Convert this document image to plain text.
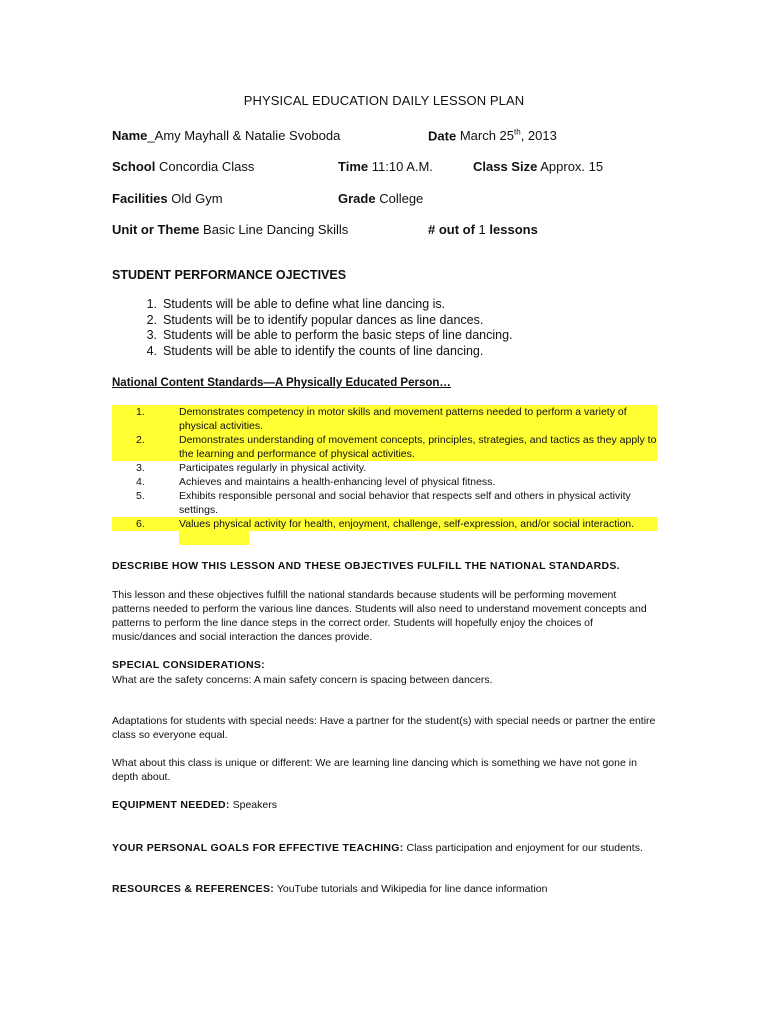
PHYSICAL EDUCATION DAILY LESSON PLAN
Name_Amy Mayhall & Natalie Svoboda	Date March 25th, 2013
School Concordia Class	Time 11:10 A.M.	Class Size Approx. 15
Facilities Old Gym	Grade College
Unit or Theme Basic Line Dancing Skills	# out of 1 lessons
STUDENT PERFORMANCE OJECTIVES
1. Students will be able to define what line dancing is.
2. Students will be to identify popular dances as line dances.
3. Students will be able to perform the basic steps of line dancing.
4. Students will be able to identify the counts of line dancing.
National Content Standards—A Physically Educated Person…
1.	Demonstrates competency in motor skills and movement patterns needed to perform a variety of physical activities.
2.	Demonstrates understanding of movement concepts, principles, strategies, and tactics as they apply to the learning and performance of physical activities.
3.	Participates regularly in physical activity.
4.	Achieves and maintains a health-enhancing level of physical fitness.
5.	Exhibits responsible personal and social behavior that respects self and others in physical activity settings.
6.	Values physical activity for health, enjoyment, challenge, self-expression, and/or social interaction.
DESCRIBE HOW THIS LESSON AND THESE OBJECTIVES FULFILL THE NATIONAL STANDARDS.
This lesson and these objectives fulfill the national standards because students will be performing movement patterns needed to perform the various line dances. Students will also need to understand movement concepts and patterns to perform the line dance steps in the correct order. Students will hopefully enjoy the choices of music/dances and social interaction the dances provide.
SPECIAL CONSIDERATIONS:
What are the safety concerns: A main safety concern is spacing between dancers.
Adaptations for students with special needs: Have a partner for the student(s) with special needs or partner the entire class so everyone equal.
What about this class is unique or different: We are learning line dancing which is something we have not gone in depth about.
EQUIPMENT NEEDED: Speakers
YOUR PERSONAL GOALS FOR EFFECTIVE TEACHING: Class participation and enjoyment for our students.
RESOURCES & REFERENCES: YouTube tutorials and Wikipedia for line dance information
